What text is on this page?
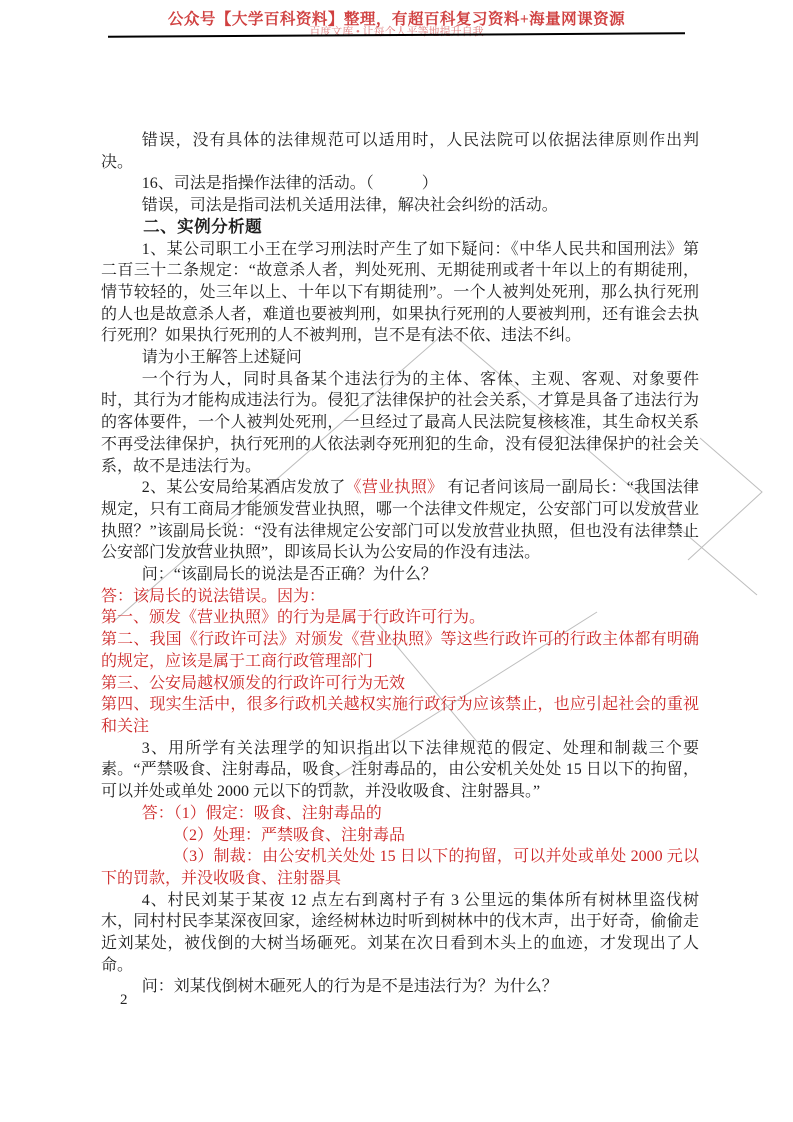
公众号【大学百科资料】整理，有超百科复习资料+海量网课资源
百度文库 • 让每个人平等地提升自我

错误，没有具体的法律规范可以适用时，人民法院可以依据法律原则作出判决。

16、司法是指操作法律的活动。（　　　）

错误，司法是指司法机关适用法律，解决社会纠纷的活动。

二、实例分析题

1、某公司职工小王在学习刑法时产生了如下疑问：《中华人民共和国刑法》第二百三十二条规定：“故意杀人者，判处死刑、无期徒刑或者十年以上的有期徒刑，情节较轻的，处三年以上、十年以下有期徒刑”。一个人被判处死刑，那么执行死刑的人也是故意杀人者，难道也要被判刑，如果执行死刑的人要被判刑，还有谁会去执行死刑？如果执行死刑的人不被判刑，岂不是有法不依、违法不纠。

请为小王解答上述疑问

一个行为人，同时具备某个违法行为的主体、客体、主观、客观、对象要件时，其行为才能构成违法行为。侵犯了法律保护的社会关系，才算是具备了违法行为的客体要件，一个人被判处死刑，一旦经过了最高人民法院复核核准，其生命权关系不再受法律保护，执行死刑的人依法剥夺死刑犯的生命，没有侵犯法律保护的社会关系，故不是违法行为。

2、某公安局给某酒店发放了《营业执照》 有记者问该局一副局长：“我国法律规定，只有工商局才能颁发营业执照，哪一个法律文件规定，公安部门可以发放营业执照？”该副局长说：“没有法律规定公安部门可以发放营业执照，但也没有法律禁止公安部门发放营业执照”，即该局长认为公安局的作没有违法。

问：“该副局长的说法是否正确？为什么？

答：该局长的说法错误。因为：

第一、颁发《营业执照》的行为是属于行政许可行为。

第二、我国《行政许可法》对颁发《营业执照》等这些行政许可的行政主体都有明确的规定，应该是属于工商行政管理部门

第三、公安局越权颁发的行政许可行为无效

第四、现实生活中，很多行政机关越权实施行政行为应该禁止，也应引起社会的重视和关注

3、用所学有关法理学的知识指出以下法律规范的假定、处理和制裁三个要素。“严禁吸食、注射毒品，吸食、注射毒品的，由公安机关处处 15 日以下的拘留，可以并处或单处 2000 元以下的罚款，并没收吸食、注射器具。”

答：（1）假定：吸食、注射毒品的

（2）处理：严禁吸食、注射毒品

（3）制裁：由公安机关处处 15 日以下的拘留，可以并处或单处 2000 元以下的罚款，并没收吸食、注射器具

4、村民刘某于某夜 12 点左右到离村子有 3 公里远的集体所有树林里盗伐树木，同村村民李某深夜回家，途经树林边时听到树林中的伐木声，出于好奇，偷偷走近刘某处，被伐倒的大树当场砸死。刘某在次日看到木头上的血迹，才发现出了人命。

问：刘某伐倒树木砸死人的行为是不是违法行为？为什么？

2
